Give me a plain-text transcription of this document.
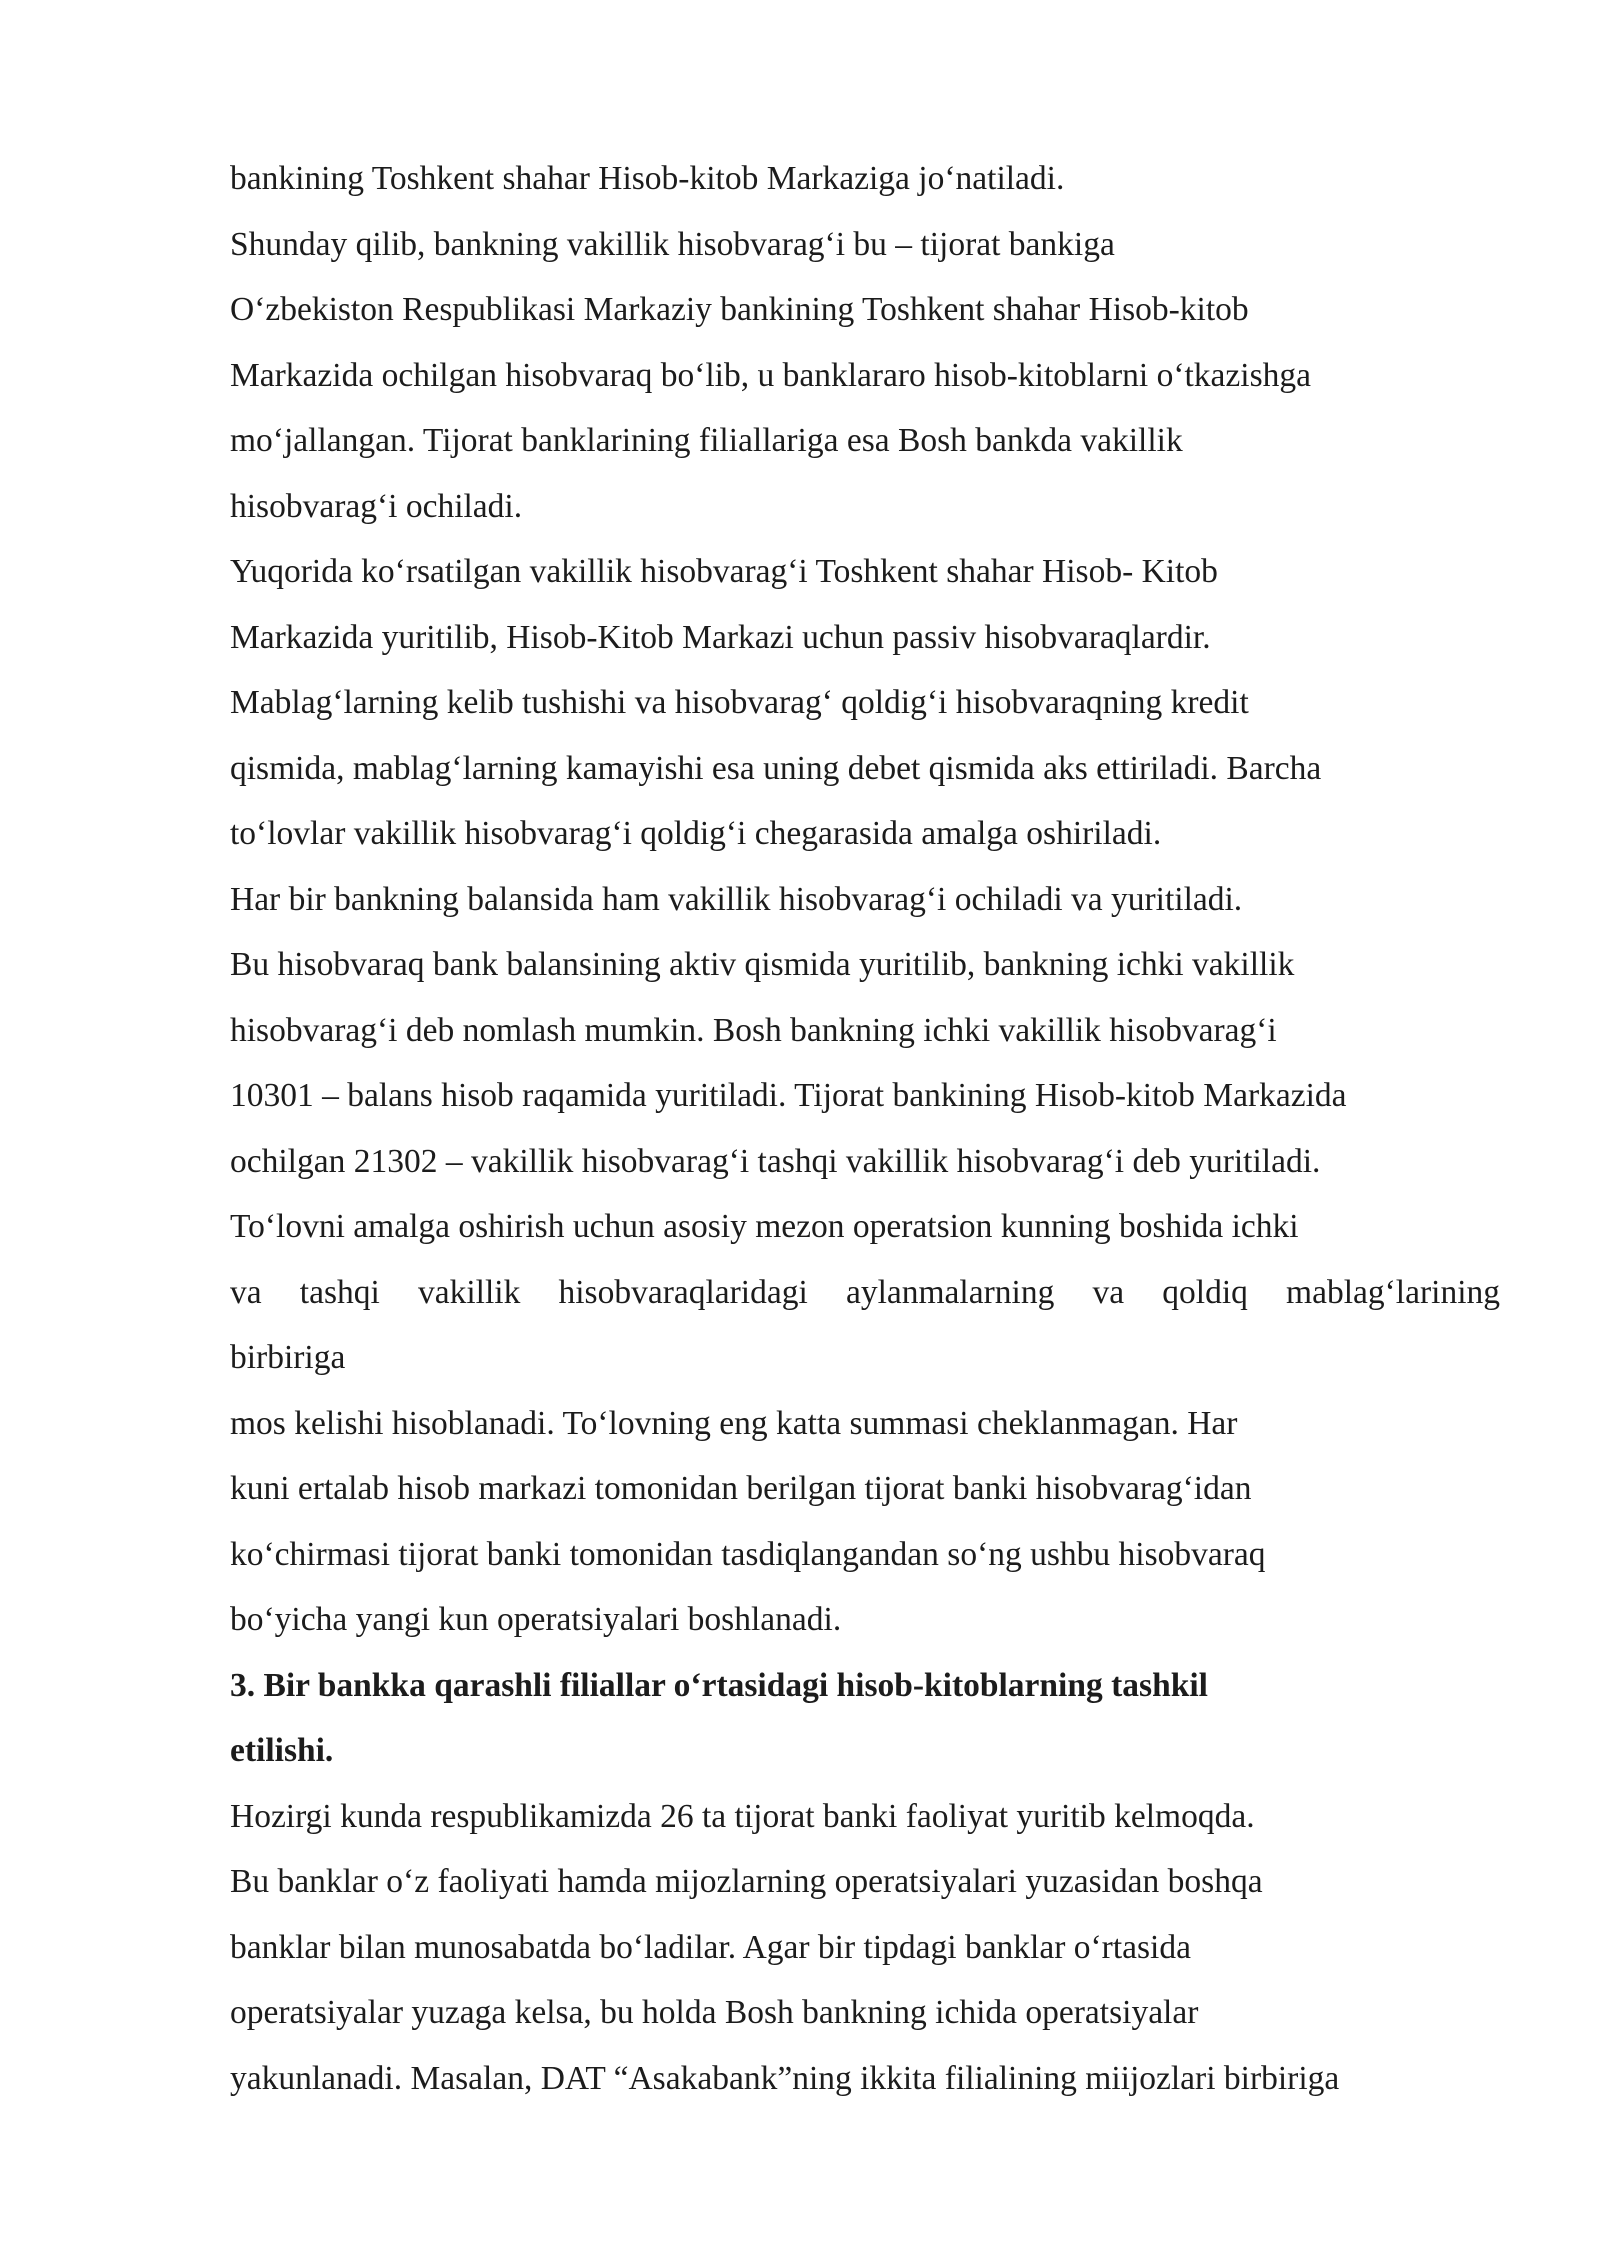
bankining Toshkent shahar Hisob-kitob Markaziga jo‘natiladi.
Shunday qilib, bankning vakillik hisobvarag‘i bu – tijorat bankiga
O‘zbekiston Respublikasi Markaziy bankining Toshkent shahar Hisob-kitob
Markazida ochilgan hisobvaraq bo‘lib, u banklararo hisob-kitoblarni o‘tkazishga
mo‘jallangan. Tijorat banklarining filiallariga esa Bosh bankda vakillik
hisobvarag‘i ochiladi.
Yuqorida ko‘rsatilgan vakillik hisobvarag‘i Toshkent shahar Hisob- Kitob
Markazida yuritilib, Hisob-Kitob Markazi uchun passiv hisobvaraqlardir.
Mablag‘larning kelib tushishi va hisobvarag‘ qoldig‘i hisobvaraqning kredit
qismida, mablag‘larning kamayishi esa uning debet qismida aks ettiriladi. Barcha
to‘lovlar vakillik hisobvarag‘i qoldig‘i chegarasida amalga oshiriladi.
Har bir bankning balansida ham vakillik hisobvarag‘i ochiladi va yuritiladi.
Bu hisobvaraq bank balansining aktiv qismida yuritilib, bankning ichki vakillik
hisobvarag‘i deb nomlash mumkin. Bosh bankning ichki vakillik hisobvarag‘i
10301 – balans hisob raqamida yuritiladi. Tijorat bankining Hisob-kitob Markazida
ochilgan 21302 – vakillik hisobvarag‘i tashqi vakillik hisobvarag‘i deb yuritiladi.
To‘lovni amalga oshirish uchun asosiy mezon operatsion kunning boshida ichki
va tashqi vakillik hisobvaraqlaridagi aylanmalarning va qoldiq mablag‘larining
birbiriga
mos kelishi hisoblanadi. To‘lovning eng katta summasi cheklanmagan. Har
kuni ertalab hisob markazi tomonidan berilgan tijorat banki hisobvarag‘idan
ko‘chirmasi tijorat banki tomonidan tasdiqlangandan so‘ng ushbu hisobvaraq
bo‘yicha yangi kun operatsiyalari boshlanadi.
3. Bir bankka qarashli filiallar o‘rtasidagi hisob-kitoblarning tashkil
etilishi.
Hozirgi kunda respublikamizda 26 ta tijorat banki faoliyat yuritib kelmoqda.
Bu banklar o‘z faoliyati hamda mijozlarning operatsiyalari yuzasidan boshqa
banklar bilan munosabatda bo‘ladilar. Agar bir tipdagi banklar o‘rtasida
operatsiyalar yuzaga kelsa, bu holda Bosh bankning ichida operatsiyalar
yakunlanadi. Masalan, DAT “Asakabank”ning ikkita filialining miijozlari birbiriga
